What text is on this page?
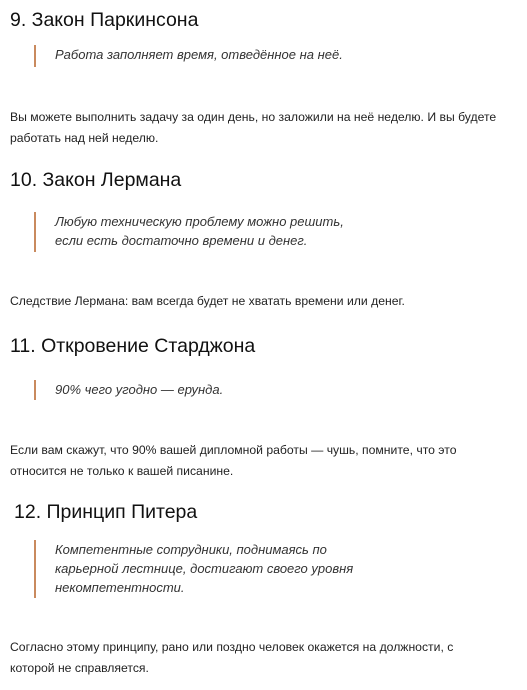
9. Закон Паркинсона
Работа заполняет время, отведённое на неё.
Вы можете выполнить задачу за один день, но заложили на неё неделю. И вы будете
работать над ней неделю.
10. Закон Лермана
Любую техническую проблему можно решить,
если есть достаточно времени и денег.
Следствие Лермана: вам всегда будет не хватать времени или денег.
11. Откровение Старджона
90% чего угодно — ерунда.
Если вам скажут, что 90% вашей дипломной работы — чушь, помните, что это
относится не только к вашей писанине.
12. Принцип Питера
Компетентные сотрудники, поднимаясь по
карьерной лестнице, достигают своего уровня
некомпетентности.
Согласно этому принципу, рано или поздно человек окажется на должности, с
которой не справляется.
